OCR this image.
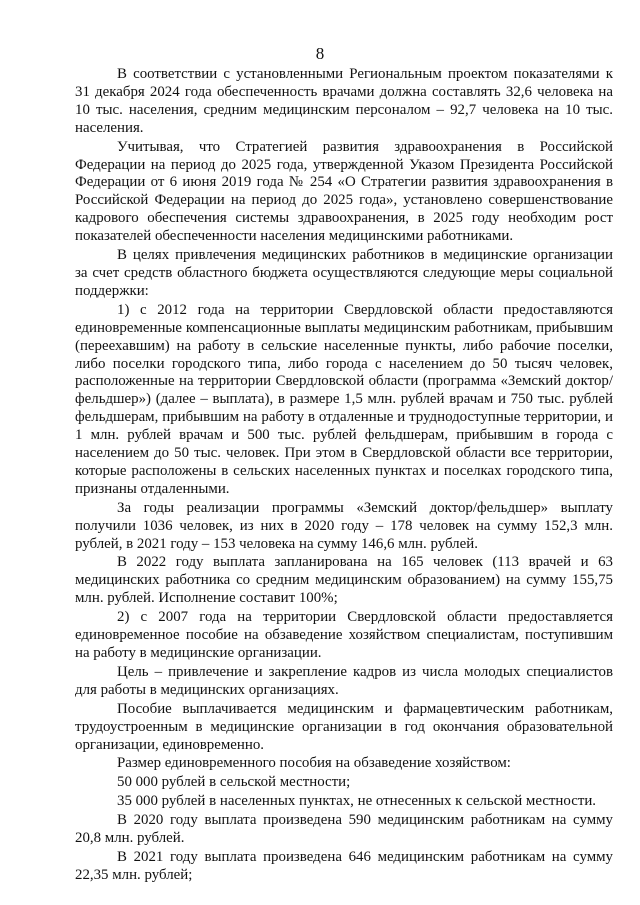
8

В соответствии с установленными Региональным проектом показателями к 31 декабря 2024 года обеспеченность врачами должна составлять 32,6 человека на 10 тыс. населения, средним медицинским персоналом – 92,7 человека на 10 тыс. населения.

Учитывая, что Стратегией развития здравоохранения в Российской Федерации на период до 2025 года, утвержденной Указом Президента Российской Федерации от 6 июня 2019 года № 254 «О Стратегии развития здравоохранения в Российской Федерации на период до 2025 года», установлено совершенствование кадрового обеспечения системы здравоохранения, в 2025 году необходим рост показателей обеспеченности населения медицинскими работниками.

В целях привлечения медицинских работников в медицинские организации за счет средств областного бюджета осуществляются следующие меры социальной поддержки:

1) с 2012 года на территории Свердловской области предоставляются единовременные компенсационные выплаты медицинским работникам, прибывшим (переехавшим) на работу в сельские населенные пункты, либо рабочие поселки, либо поселки городского типа, либо города с населением до 50 тысяч человек, расположенные на территории Свердловской области (программа «Земский доктор/фельдшер») (далее – выплата), в размере 1,5 млн. рублей врачам и 750 тыс. рублей фельдшерам, прибывшим на работу в отдаленные и труднодоступные территории, и 1 млн. рублей врачам и 500 тыс. рублей фельдшерам, прибывшим в города с населением до 50 тыс. человек. При этом в Свердловской области все территории, которые расположены в сельских населенных пунктах и поселках городского типа, признаны отдаленными.

За годы реализации программы «Земский доктор/фельдшер» выплату получили 1036 человек, из них в 2020 году – 178 человек на сумму 152,3 млн. рублей, в 2021 году – 153 человека на сумму 146,6 млн. рублей.

В 2022 году выплата запланирована на 165 человек (113 врачей и 63 медицинских работника со средним медицинским образованием) на сумму 155,75 млн. рублей. Исполнение составит 100%;

2) с 2007 года на территории Свердловской области предоставляется единовременное пособие на обзаведение хозяйством специалистам, поступившим на работу в медицинские организации.

Цель – привлечение и закрепление кадров из числа молодых специалистов для работы в медицинских организациях.

Пособие выплачивается медицинским и фармацевтическим работникам, трудоустроенным в медицинские организации в год окончания образовательной организации, единовременно.

Размер единовременного пособия на обзаведение хозяйством:

50 000 рублей в сельской местности;

35 000 рублей в населенных пунктах, не отнесенных к сельской местности.

В 2020 году выплата произведена 590 медицинским работникам на сумму 20,8 млн. рублей.

В 2021 году выплата произведена 646 медицинским работникам на сумму 22,35 млн. рублей;
